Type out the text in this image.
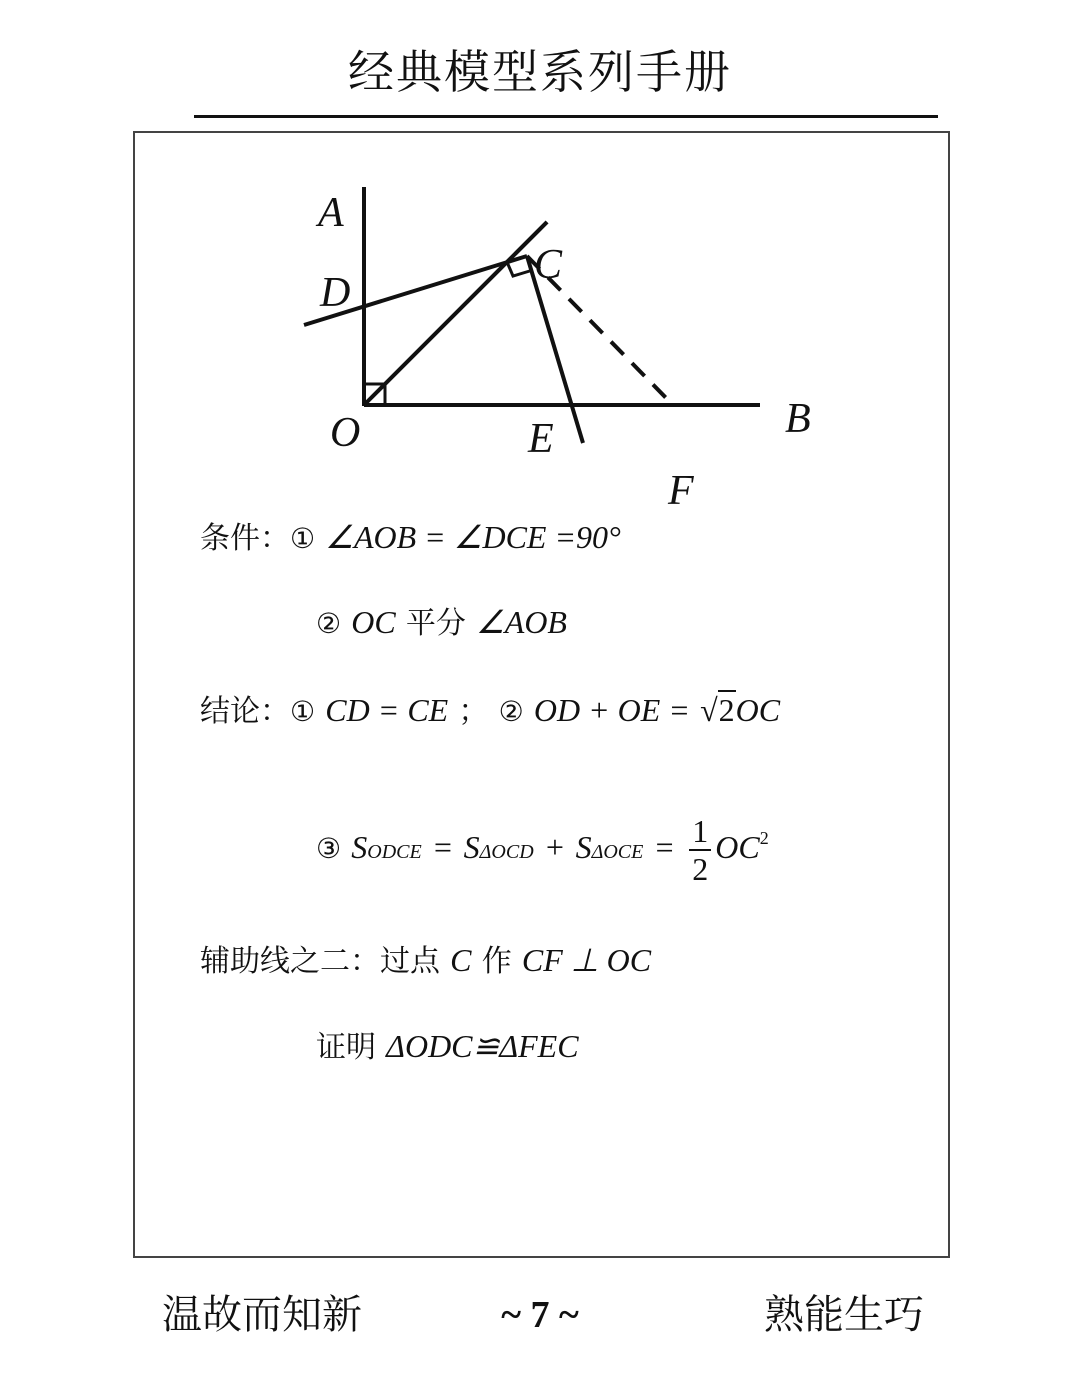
经典模型系列手册
A
D
C
O	E	B
F
条件：① ∠AOB = ∠DCE =90°
② OC 平分 ∠AOB
结论：① CD = CE ； ② OD + OE = √2OC
③ SODCE = $S\Delta OCD + S\Delta OCE = \frac{1}{2} OC^2$
辅助线之二：过点 C 作 CF ⊥ OC
证明 ΔODC≌ΔFEC
温故而知新	~ 7 ~	熟能生巧
